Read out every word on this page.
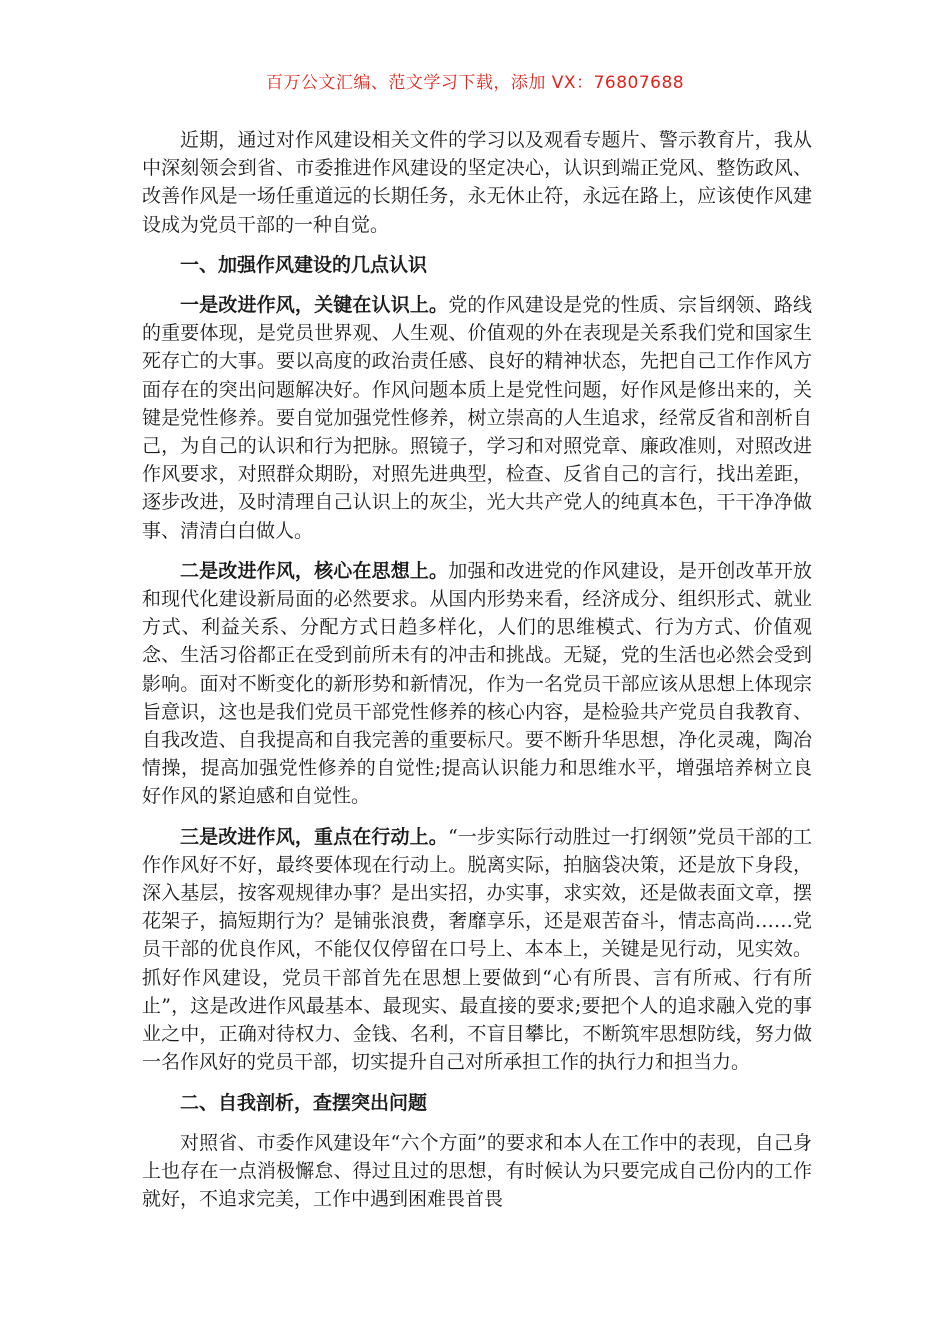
百万公文汇编、范文学习下载，添加 VX：76807688

近期，通过对作风建设相关文件的学习以及观看专题片、警示教育片，我从中深刻领会到省、市委推进作风建设的坚定决心，认识到端正党风、整饬政风、改善作风是一场任重道远的长期任务，永无休止符，永远在路上，应该使作风建设成为党员干部的一种自觉。

一、加强作风建设的几点认识

一是改进作风，关键在认识上。党的作风建设是党的性质、宗旨纲领、路线的重要体现，是党员世界观、人生观、价值观的外在表现是关系我们党和国家生死存亡的大事。要以高度的政治责任感、良好的精神状态，先把自己工作作风方面存在的突出问题解决好。作风问题本质上是党性问题，好作风是修出来的，关键是党性修养。要自觉加强党性修养，树立崇高的人生追求，经常反省和剖析自己，为自己的认识和行为把脉。照镜子，学习和对照党章、廉政准则，对照改进作风要求，对照群众期盼，对照先进典型，检查、反省自己的言行，找出差距，逐步改进，及时清理自己认识上的灰尘，光大共产党人的纯真本色，干干净净做事、清清白白做人。

二是改进作风，核心在思想上。加强和改进党的作风建设，是开创改革开放和现代化建设新局面的必然要求。从国内形势来看，经济成分、组织形式、就业方式、利益关系、分配方式日趋多样化，人们的思维模式、行为方式、价值观念、生活习俗都正在受到前所未有的冲击和挑战。无疑，党的生活也必然会受到影响。面对不断变化的新形势和新情况，作为一名党员干部应该从思想上体现宗旨意识，这也是我们党员干部党性修养的核心内容，是检验共产党员自我教育、自我改造、自我提高和自我完善的重要标尺。要不断升华思想，净化灵魂，陶冶情操，提高加强党性修养的自觉性;提高认识能力和思维水平，增强培养树立良好作风的紧迫感和自觉性。

三是改进作风，重点在行动上。“一步实际行动胜过一打纲领”党员干部的工作作风好不好，最终要体现在行动上。脱离实际，拍脑袋决策，还是放下身段，深入基层，按客观规律办事？是出实招，办实事，求实效，还是做表面文章，摆花架子，搞短期行为？是铺张浪费，奢靡享乐，还是艰苦奋斗，情志高尚……党员干部的优良作风，不能仅仅停留在口号上、本本上，关键是见行动，见实效。抓好作风建设，党员干部首先在思想上要做到“心有所畏、言有所戒、行有所止”，这是改进作风最基本、最现实、最直接的要求;要把个人的追求融入党的事业之中，正确对待权力、金钱、名利，不盲目攀比，不断筑牢思想防线，努力做一名作风好的党员干部，切实提升自己对所承担工作的执行力和担当力。

二、自我剖析，查摆突出问题

对照省、市委作风建设年“六个方面”的要求和本人在工作中的表现，自己身上也存在一点消极懈怠、得过且过的思想，有时候认为只要完成自己份内的工作就好，不追求完美，工作中遇到困难畏首畏
